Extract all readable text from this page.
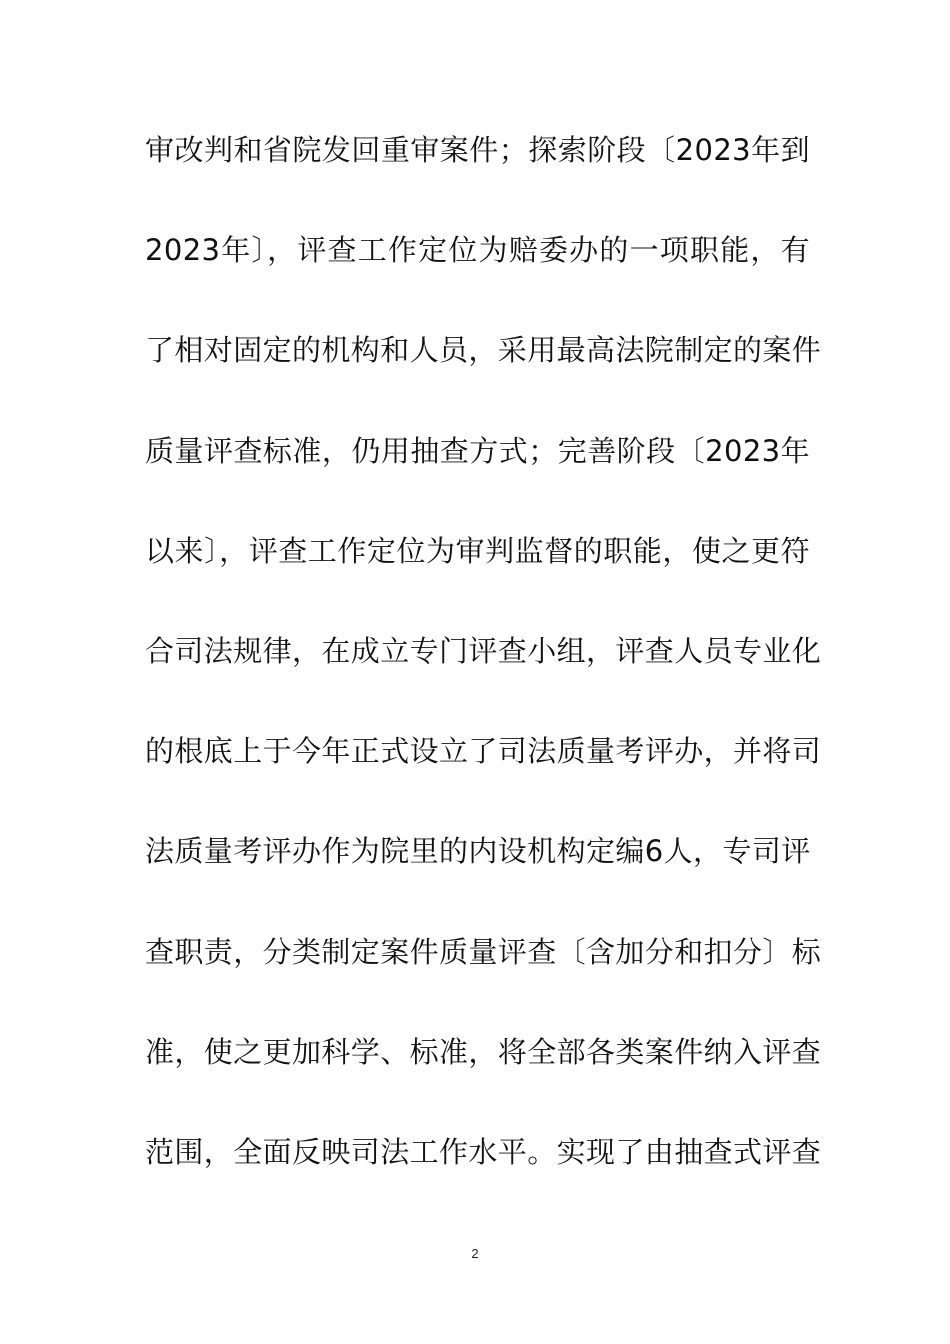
审改判和省院发回重审案件；探索阶段〔2023年到
2023年〕，评查工作定位为赔委办的一项职能，有
了相对固定的机构和人员，采用最高法院制定的案件
质量评查标准，仍用抽查方式；完善阶段〔2023年
以来〕，评查工作定位为审判监督的职能，使之更符
合司法规律，在成立专门评查小组，评查人员专业化
的根底上于今年正式设立了司法质量考评办，并将司
法质量考评办作为院里的内设机构定编6人，专司评
查职责，分类制定案件质量评查〔含加分和扣分〕标
准，使之更加科学、标准，将全部各类案件纳入评查
范围，全面反映司法工作水平。实现了由抽查式评查
2
